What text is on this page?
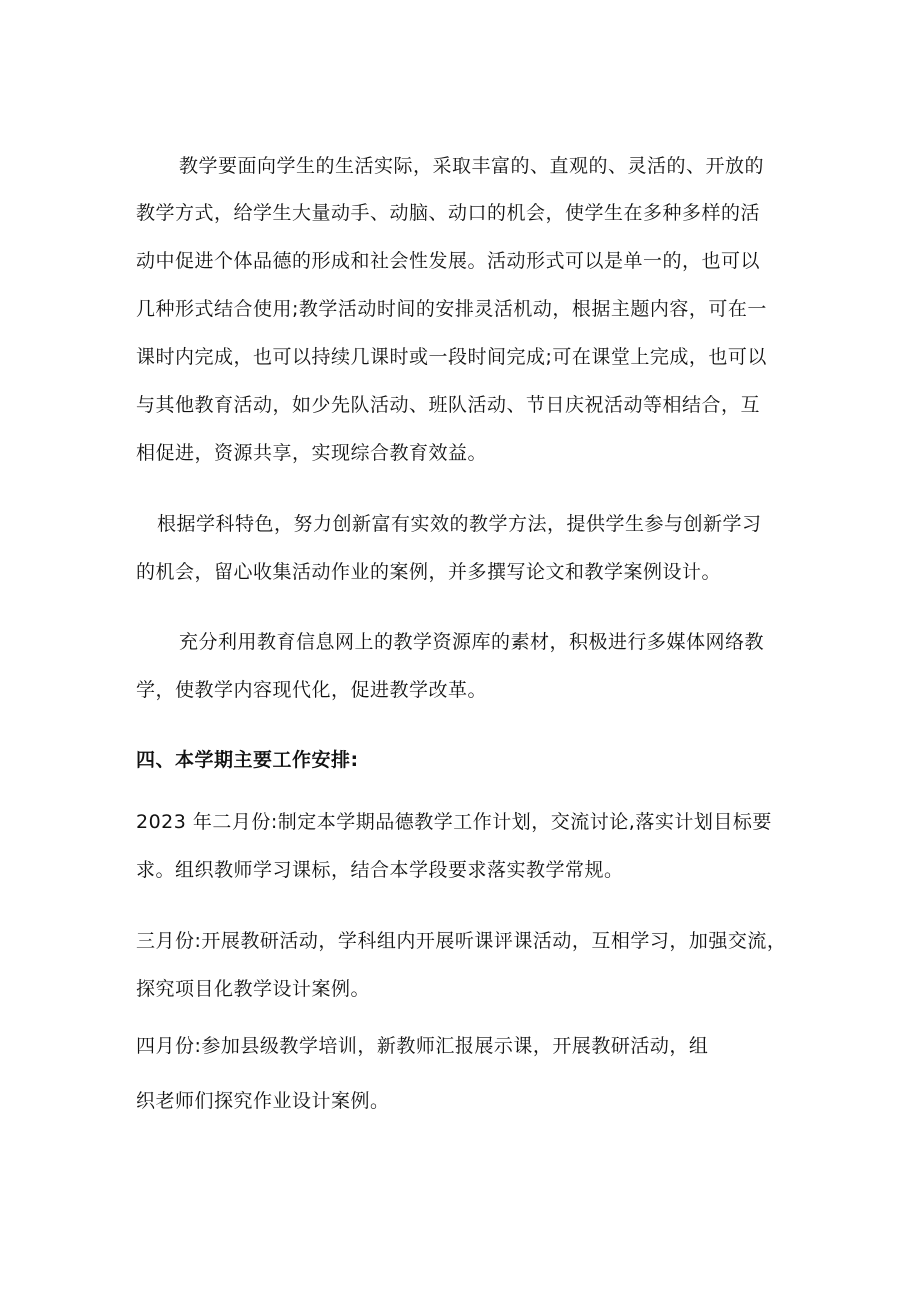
教学要面向学生的生活实际，采取丰富的、直观的、灵活的、开放的
教学方式，给学生大量动手、动脑、动口的机会，使学生在多种多样的活
动中促进个体品德的形成和社会性发展。活动形式可以是单一的，也可以
几种形式结合使用;教学活动时间的安排灵活机动，根据主题内容，可在一
课时内完成，也可以持续几课时或一段时间完成;可在课堂上完成，也可以
与其他教育活动，如少先队活动、班队活动、节日庆祝活动等相结合，互
相促进，资源共享，实现综合教育效益。
根据学科特色，努力创新富有实效的教学方法，提供学生参与创新学习
的机会，留心收集活动作业的案例，并多撰写论文和教学案例设计。
充分利用教育信息网上的教学资源库的素材，积极进行多媒体网络教
学，使教学内容现代化，促进教学改革。
四、本学期主要工作安排:
2023 年二月份:制定本学期品德教学工作计划，交流讨论,落实计划目标要
求。组织教师学习课标，结合本学段要求落实教学常规。
三月份:开展教研活动，学科组内开展听课评课活动，互相学习，加强交流，
探究项目化教学设计案例。
四月份:参加县级教学培训，新教师汇报展示课，开展教研活动，组
织老师们探究作业设计案例。
